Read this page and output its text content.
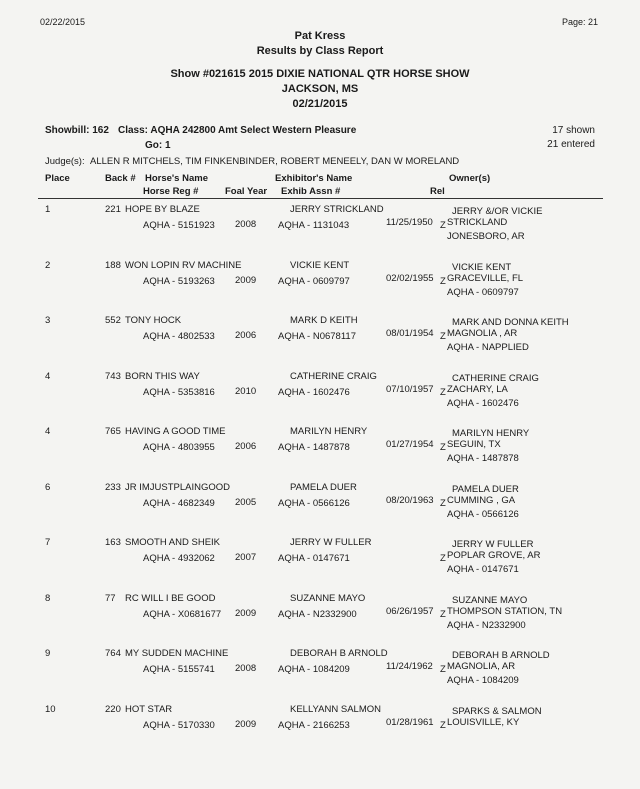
02/22/2015	Page: 21
Pat Kress
Results by Class Report
Show #021615 2015 DIXIE NATIONAL QTR HORSE SHOW
JACKSON, MS
02/21/2015
Showbill: 162 Class: AQHA 242800 Amt Select Western Pleasure
Go: 1
17 shown
21 entered
Judge(s): ALLEN R MITCHELS, TIM FINKENBINDER, ROBERT MENEELY, DAN W MORELAND
Place	Back # Horse's Name	Exhibitor's Name	Owner(s)
Horse Reg #	Foal Year Exhib Assn #	Rel
1	221 HOPE BY BLAZE	JERRY STRICKLAND
AQHA - 5151923 2008 AQHA - 1131043	11/25/1950 Z
JERRY &/OR VICKIE
STRICKLAND
JONESBORO, AR
2	188 WON LOPIN RV MACHINE	VICKIE KENT
AQHA - 5193263 2009 AQHA - 0609797	02/02/1955 Z
VICKIE KENT
GRACEVILLE, FL
AQHA - 0609797
3	552 TONY HOCK	MARK D KEITH
AQHA - 4802533 2006 AQHA - N0678117	08/01/1954 Z
MARK AND DONNA KEITH
MAGNOLIA , AR
AQHA - NAPPLIED
4	743 BORN THIS WAY	CATHERINE CRAIG
AQHA - 5353816 2010 AQHA - 1602476	07/10/1957 Z
CATHERINE CRAIG
ZACHARY, LA
AQHA - 1602476
4	765 HAVING A GOOD TIME	MARILYN HENRY
AQHA - 4803955 2006 AQHA - 1487878	01/27/1954 Z
MARILYN HENRY
SEGUIN, TX
AQHA - 1487878
6	233 JR IMJUSTPLAINGOOD	PAMELA DUER
AQHA - 4682349 2005 AQHA - 0566126	08/20/1963 Z
PAMELA DUER
CUMMING , GA
AQHA - 0566126
7	163 SMOOTH AND SHEIK	JERRY W FULLER
AQHA - 4932062 2007 AQHA - 0147671	Z
JERRY W FULLER
POPLAR GROVE, AR
AQHA - 0147671
8	77 RC WILL I BE GOOD	SUZANNE MAYO
AQHA - X0681677 2009 AQHA - N2332900	06/26/1957 Z
SUZANNE MAYO
THOMPSON STATION, TN
AQHA - N2332900
9	764 MY SUDDEN MACHINE	DEBORAH B ARNOLD
AQHA - 5155741 2008 AQHA - 1084209	11/24/1962 Z
DEBORAH B ARNOLD
MAGNOLIA, AR
AQHA - 1084209
10	220 HOT STAR	KELLYANN SALMON
AQHA - 5170330 2009 AQHA - 2166253	01/28/1961 Z
SPARKS & SALMON
LOUISVILLE, KY
